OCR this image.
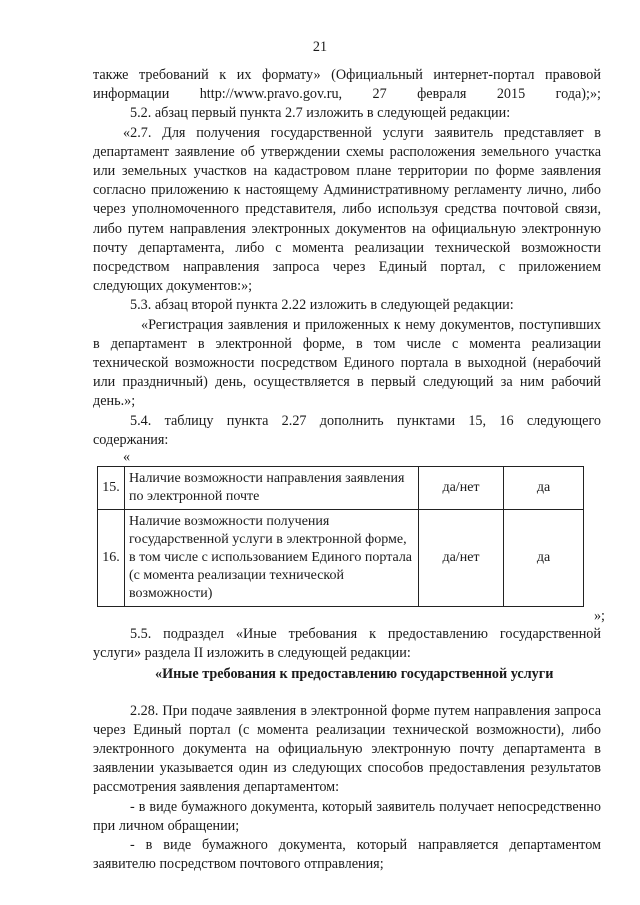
21

также требований к их формату» (Официальный интернет-портал правовой информации http://www.pravo.gov.ru, 27 февраля 2015 года);»;

5.2. абзац первый пункта 2.7 изложить в следующей редакции:

«2.7. Для получения государственной услуги заявитель представляет в департамент заявление об утверждении схемы расположения земельного участка или земельных участков на кадастровом плане территории по форме заявления согласно приложению к настоящему Административному регламенту лично, либо через уполномоченного представителя, либо используя средства почтовой связи, либо путем направления электронных документов на официальную электронную почту департамента, либо с момента реализации технической возможности посредством направления запроса через Единый портал, с приложением следующих документов:»;

5.3. абзац второй пункта 2.22 изложить в следующей редакции:

«Регистрация заявления и приложенных к нему документов, поступивших в департамент в электронной форме, в том числе с момента реализации технической возможности посредством Единого портала в выходной (нерабочий или праздничный) день, осуществляется в первый следующий за ним рабочий день.»;

5.4. таблицу пункта 2.27 дополнить пунктами 15, 16 следующего содержания:

«
15.	Наличие возможности направления заявления по электронной почте	да/нет	да
16.	Наличие возможности получения государственной услуги в электронной форме, в том числе с использованием Единого портала (с момента реализации технической возможности)	да/нет	да
»;

5.5. подраздел «Иные требования к предоставлению государственной услуги» раздела II изложить в следующей редакции:

«Иные требования к предоставлению государственной услуги

2.28. При подаче заявления в электронной форме путем направления запроса через Единый портал (с момента реализации технической возможности), либо электронного документа на официальную электронную почту департамента в заявлении указывается один из следующих способов предоставления результатов рассмотрения заявления департаментом:

- в виде бумажного документа, который заявитель получает непосредственно при личном обращении;

- в виде бумажного документа, который направляется департаментом заявителю посредством почтового отправления;
